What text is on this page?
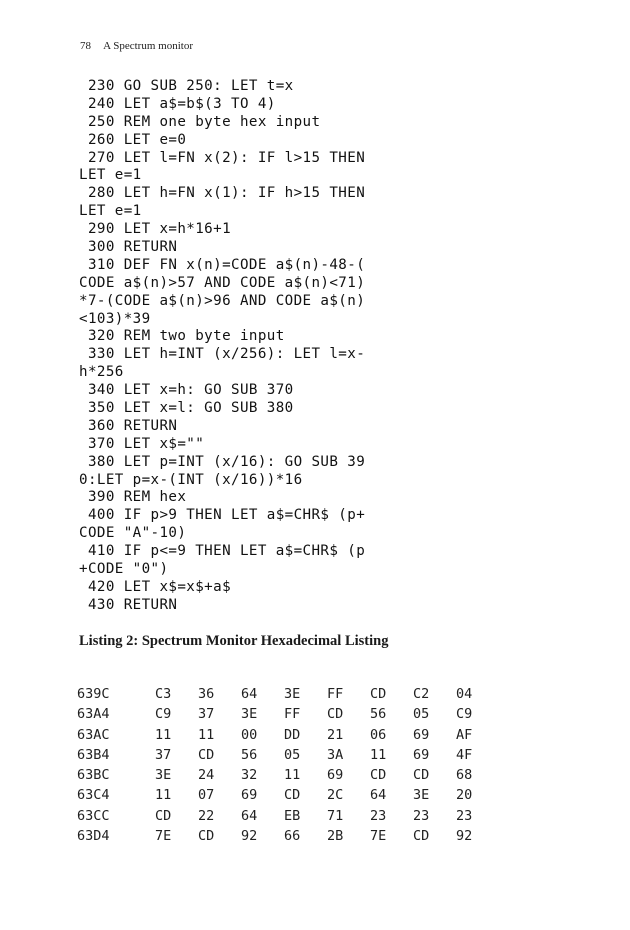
78 A Spectrum monitor
230 GO SUB 250: LET t=x
240 LET a$=b$(3 TO 4)
250 REM one byte hex input
260 LET e=0
270 LET l=FN x(2): IF l>15 THEN
LET e=1
280 LET h=FN x(1): IF h>15 THEN
LET e=1
290 LET x=h*16+1
300 RETURN
310 DEF FN x(n)=CODE a$(n)-48-(
CODE a$(n)>57 AND CODE a$(n)<71)
*7-(CODE a$(n)>96 AND CODE a$(n)
<103)*39
320 REM two byte input
330 LET h=INT (x/256): LET l=x-
h*256
340 LET x=h: GO SUB 370
350 LET x=l: GO SUB 380
360 RETURN
370 LET x$=""
380 LET p=INT (x/16): GO SUB 39
0:LET p=x-(INT (x/16))*16
390 REM hex
400 IF p>9 THEN LET a$=CHR$ (p+
CODE "A"-10)
410 IF p<=9 THEN LET a$=CHR$ (p
+CODE "0")
420 LET x$=x$+a$
430 RETURN
Listing 2: Spectrum Monitor Hexadecimal Listing
639C	C3	36	64	3E	FF	CD	C2	04
63A4	C9	37	3E	FF	CD	56	05	C9
63AC	11	11	00	DD	21	06	69	AF
63B4	37	CD	56	05	3A	11	69	4F
63BC	3E	24	32	11	69	CD	CD	68
63C4	11	07	69	CD	2C	64	3E	20
63CC	CD	22	64	EB	71	23	23	23
63D4	7E	CD	92	66	2B	7E	CD	92
